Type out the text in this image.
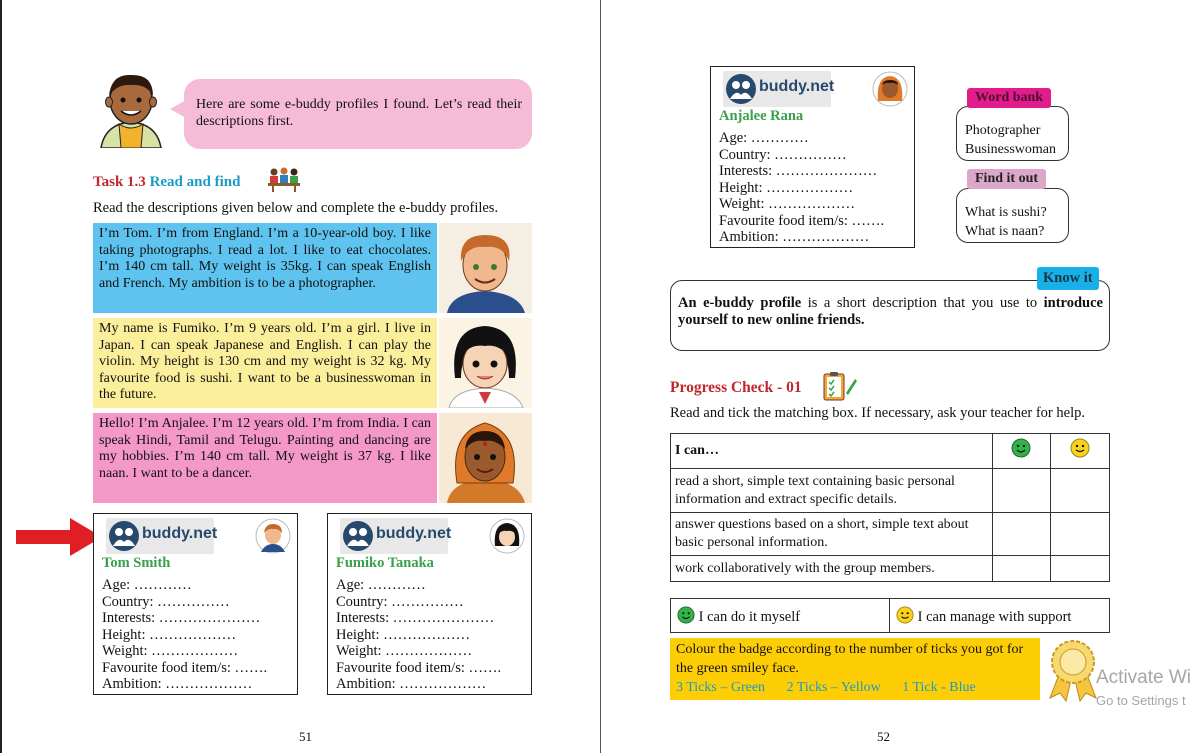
Here are some e-buddy profiles I found. Let’s read their descriptions first.
Task 1.3 Read and find
Read the descriptions given below and complete the e-buddy profiles.
I’m Tom. I’m from England. I’m a 10-year-old boy. I like taking photographs. I read a lot. I like to eat chocolates. I’m 140 cm tall. My weight is 35kg. I can speak English and French. My ambition is to be a photographer.
My name is Fumiko. I’m 9 years old. I’m a girl. I live in Japan. I can speak Japanese and English. I can play the violin. My height is 130 cm and my weight is 32 kg. My favourite food is sushi. I want to be a businesswoman in the future.
Hello! I’m Anjalee. I’m 12 years old. I’m from India. I can speak Hindi, Tamil and Telugu. Painting and dancing are my hobbies. I’m 140 cm tall. My weight is 37 kg. I like naan. I want to be a dancer.
buddy.net
Tom Smith
Age: …………
Country: ……………
Interests: …………………
Height: ………………
Weight: ………………
Favourite food item/s: …….
Ambition: ………………
buddy.net
Fumiko Tanaka
Age: …………
Country: ……………
Interests: …………………
Height: ………………
Weight: ………………
Favourite food item/s: …….
Ambition: ………………
51	52
buddy.net
Anjalee Rana
Age: …………
Country: ……………
Interests: …………………
Height: ………………
Weight: ………………
Favourite food item/s: …….
Ambition: ………………
Photographer
Businesswoman
Word bank
What is sushi?
What is naan?
Find it out
An e-buddy profile is a short description that you use to introduce yourself to new online friends.
Know it
Progress Check - 01
Read and tick the matching box. If necessary, ask your teacher for help.
I can…		
read a short, simple text containing basic personal information and extract specific details.		
answer questions based on a short, simple text about basic personal information.		
work collaboratively with the group members.		
I can do it myself	I can manage with support
Colour the badge according to the number of ticks you got for the green smiley face.
3 Ticks – Green 2 Ticks – Yellow 1 Tick - Blue	Activate Wi
Go to Settings t
